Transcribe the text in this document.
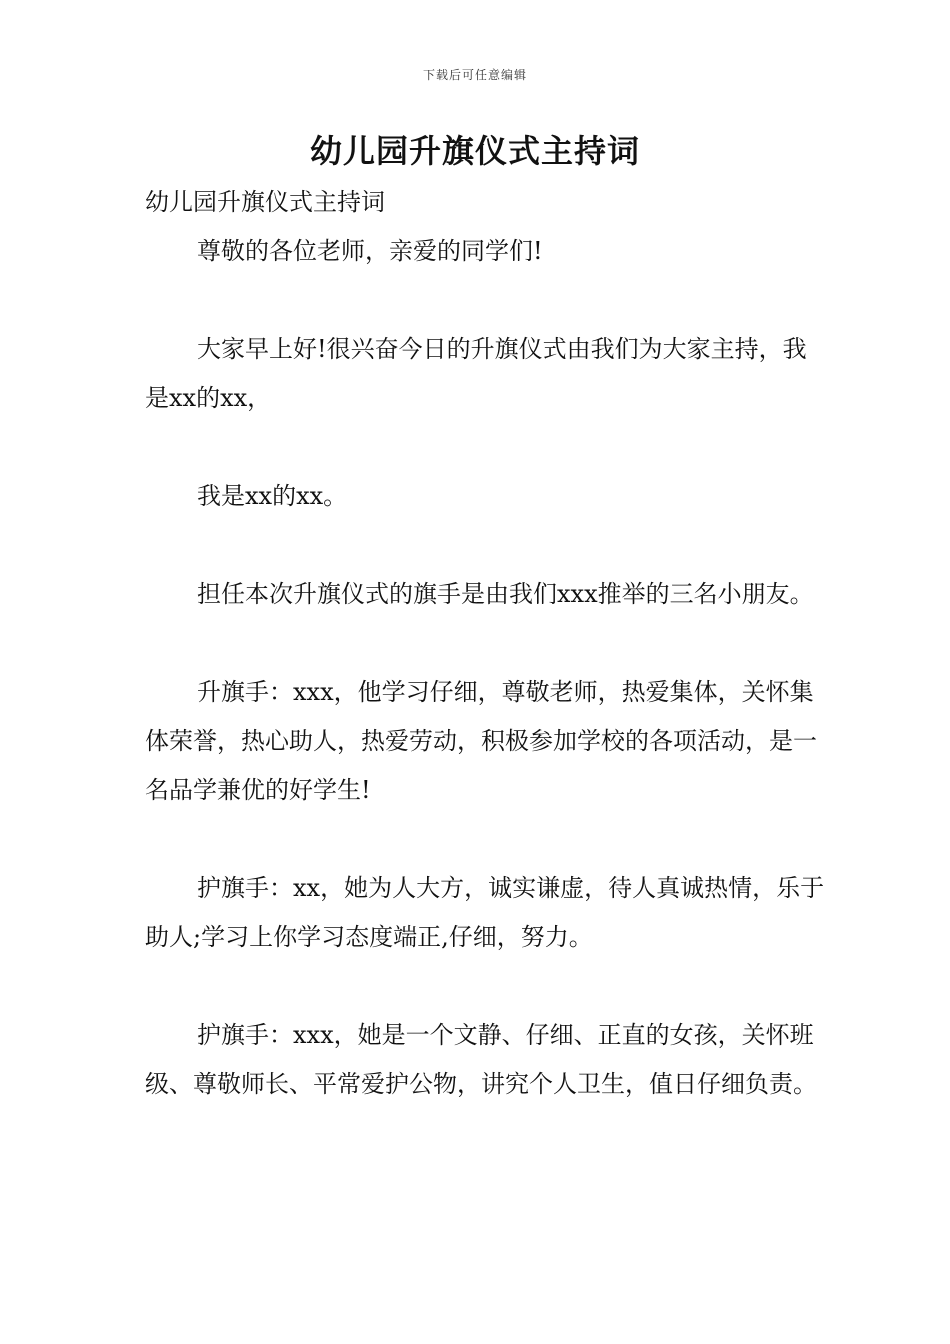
下载后可任意编辑
幼儿园升旗仪式主持词

幼儿园升旗仪式主持词

尊敬的各位老师，亲爱的同学们!

大家早上好!很兴奋今日的升旗仪式由我们为大家主持，我是xx的xx，

我是xx的xx。

担任本次升旗仪式的旗手是由我们xxx推举的三名小朋友。

升旗手：xxx，他学习仔细，尊敬老师，热爱集体，关怀集体荣誉，热心助人，热爱劳动，积极参加学校的各项活动，是一名品学兼优的好学生!

护旗手：xx，她为人大方，诚实谦虚，待人真诚热情，乐于助人;学习上你学习态度端正,仔细，努力。

护旗手：xxx，她是一个文静、仔细、正直的女孩，关怀班级、尊敬师长、平常爱护公物，讲究个人卫生，值日仔细负责。
